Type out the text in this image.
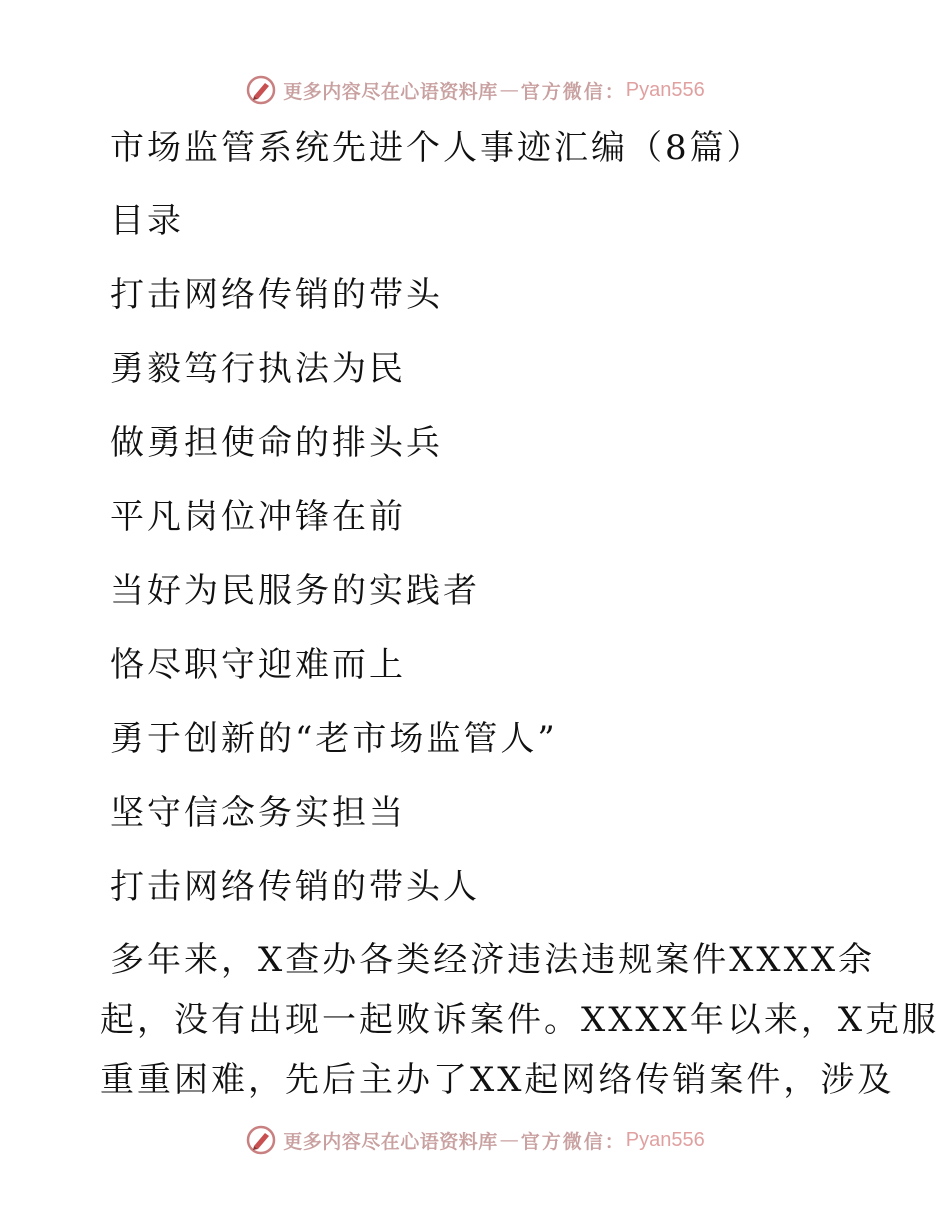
更多内容尽在心语资料库 — 官方微信： Pyan556
市场监管系统先进个人事迹汇编（8篇）
目录
打击网络传销的带头
勇毅笃行执法为民
做勇担使命的排头兵
平凡岗位冲锋在前
当好为民服务的实践者
恪尽职守迎难而上
勇于创新的“老市场监管人”
坚守信念务实担当
打击网络传销的带头人

多年来，X查办各类经济违法违规案件XXXX余

起，没有出现一起败诉案件。XXXX年以来，X克服

重重困难，先后主办了XX起网络传销案件，涉及

更多内容尽在心语资料库 — 官方微信： Pyan556
